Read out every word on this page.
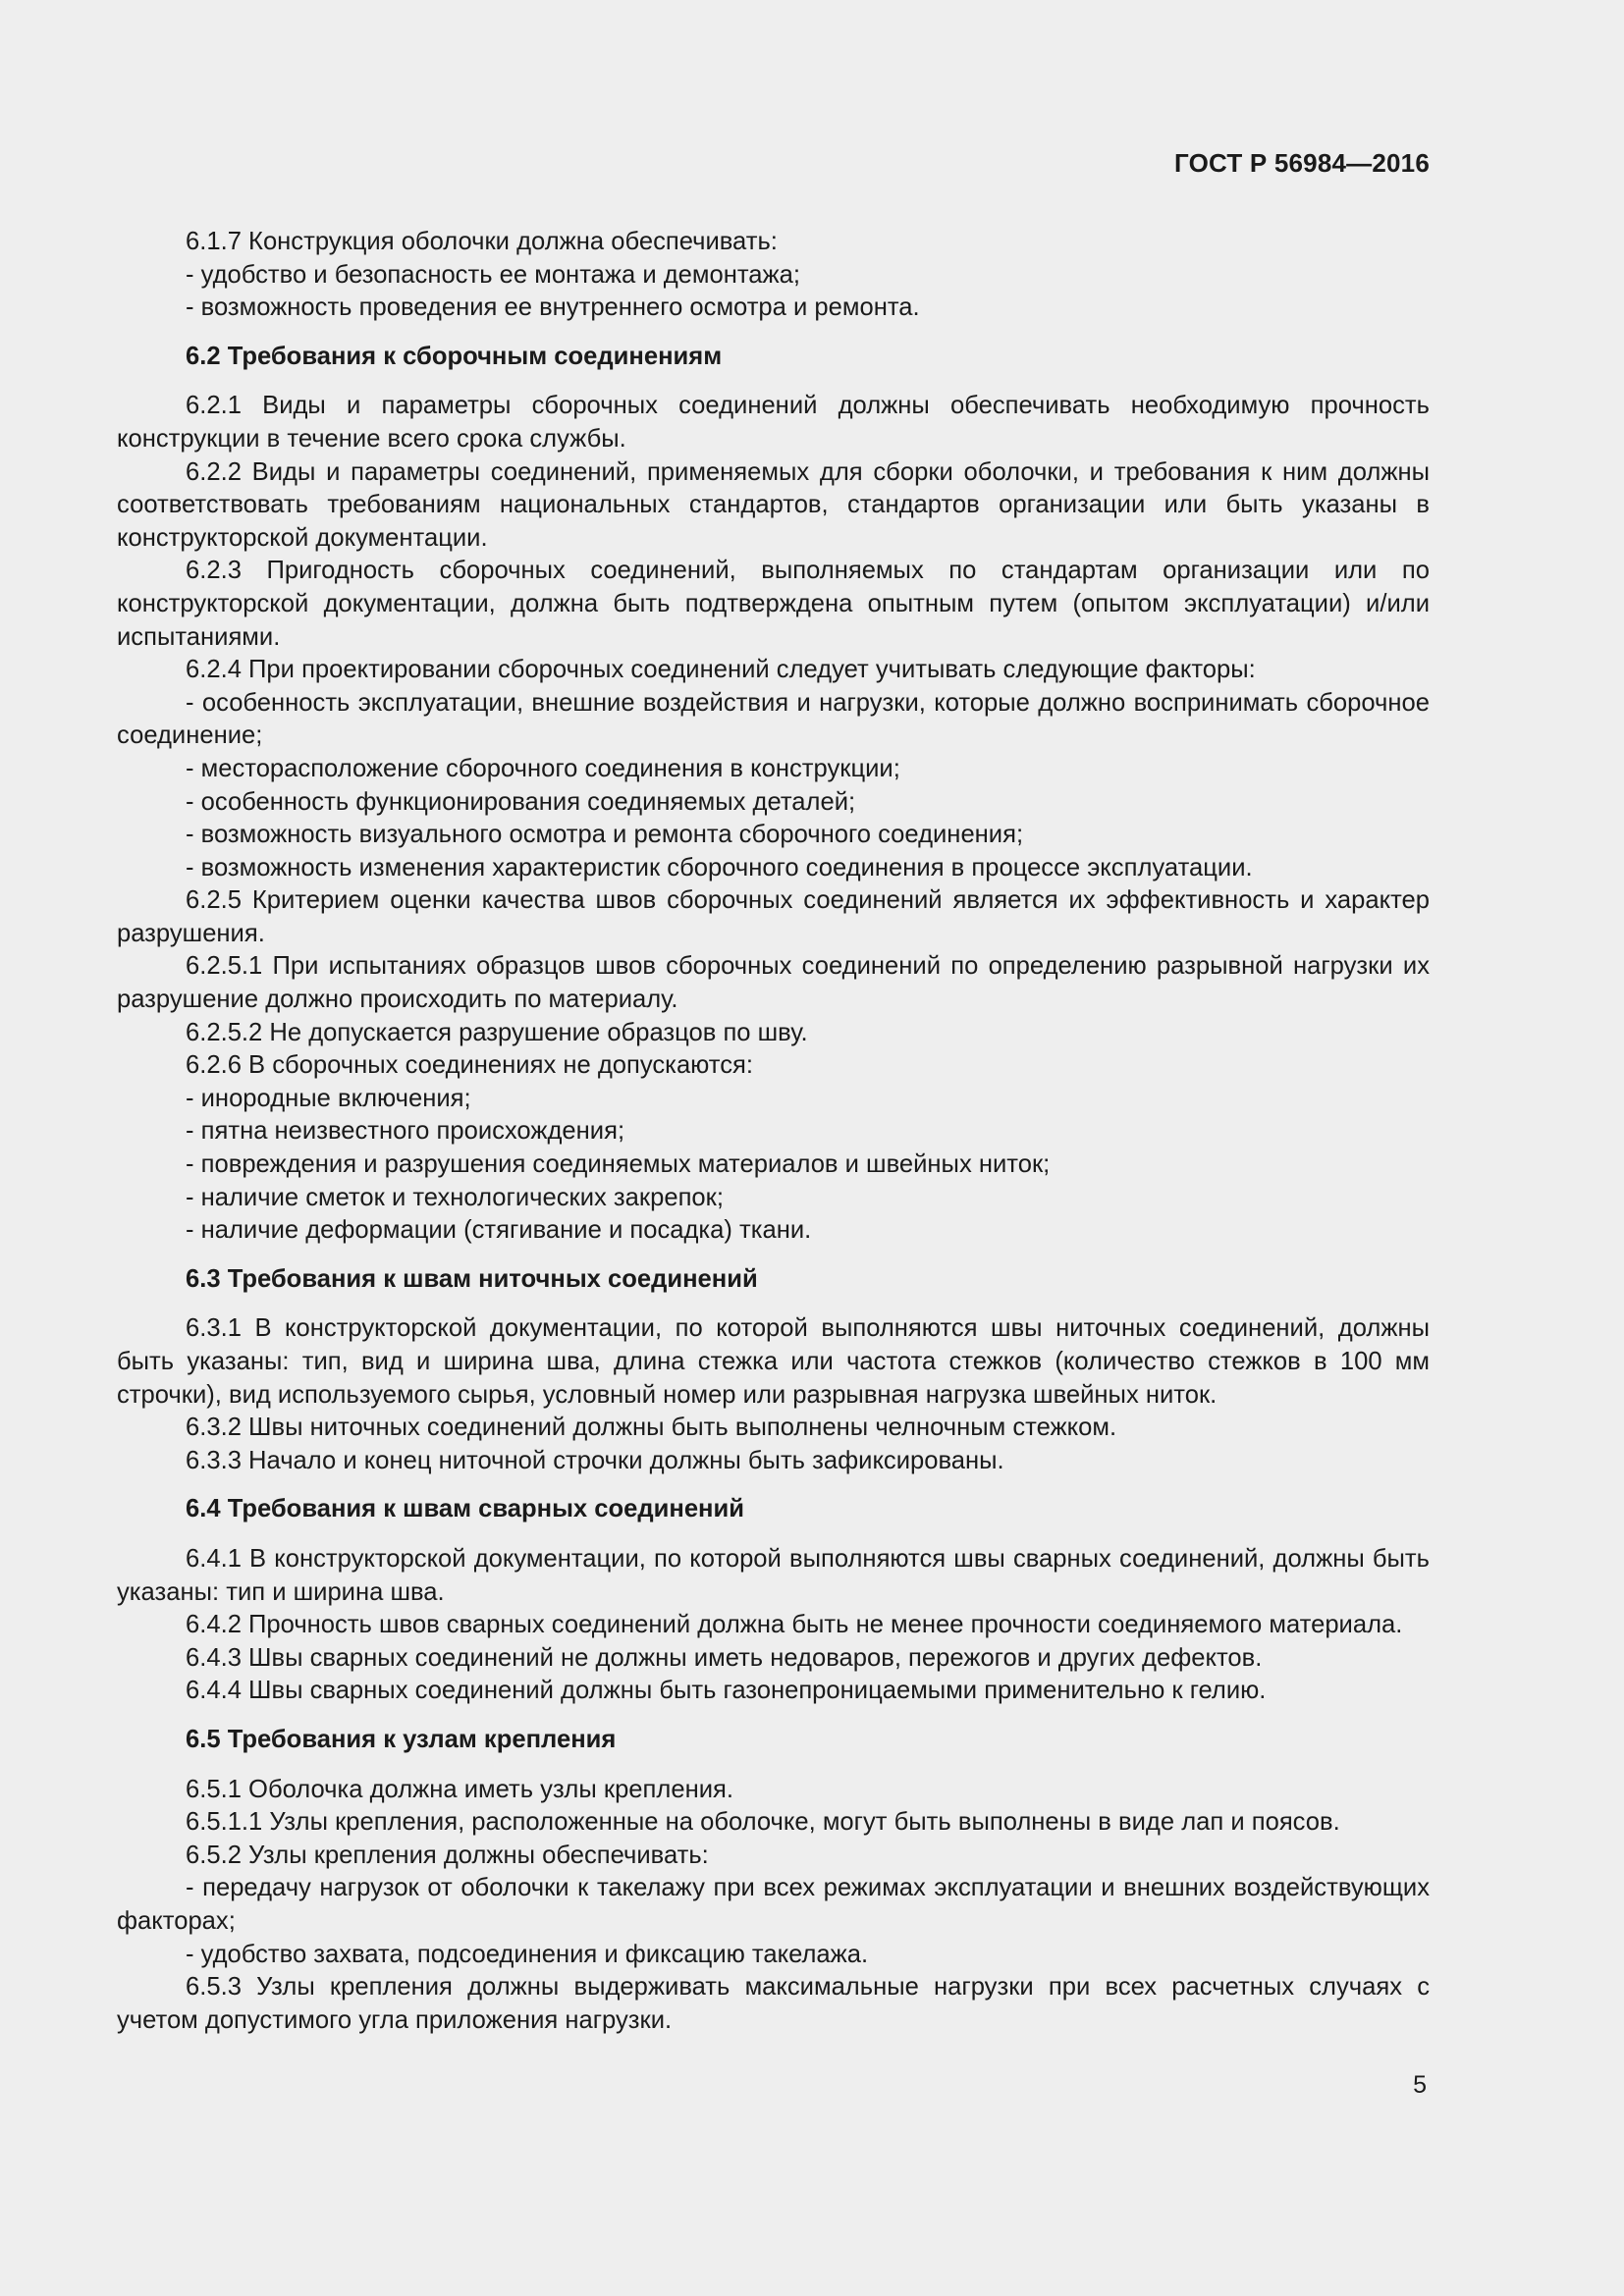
ГОСТ Р 56984—2016
6.1.7 Конструкция оболочки должна обеспечивать:
- удобство и безопасность ее монтажа и демонтажа;
- возможность проведения ее внутреннего осмотра и ремонта.
6.2 Требования к сборочным соединениям
6.2.1 Виды и параметры сборочных соединений должны обеспечивать необходимую прочность конструкции в течение всего срока службы.
6.2.2 Виды и параметры соединений, применяемых для сборки оболочки, и требования к ним должны соответствовать требованиям национальных стандартов, стандартов организации или быть указаны в конструкторской документации.
6.2.3 Пригодность сборочных соединений, выполняемых по стандартам организации или по конструкторской документации, должна быть подтверждена опытным путем (опытом эксплуатации) и/или испытаниями.
6.2.4 При проектировании сборочных соединений следует учитывать следующие факторы:
- особенность эксплуатации, внешние воздействия и нагрузки, которые должно воспринимать сборочное соединение;
- месторасположение сборочного соединения в конструкции;
- особенность функционирования соединяемых деталей;
- возможность визуального осмотра и ремонта сборочного соединения;
- возможность изменения характеристик сборочного соединения в процессе эксплуатации.
6.2.5 Критерием оценки качества швов сборочных соединений является их эффективность и характер разрушения.
6.2.5.1 При испытаниях образцов швов сборочных соединений по определению разрывной нагрузки их разрушение должно происходить по материалу.
6.2.5.2 Не допускается разрушение образцов по шву.
6.2.6 В сборочных соединениях не допускаются:
- инородные включения;
- пятна неизвестного происхождения;
- повреждения и разрушения соединяемых материалов и швейных ниток;
- наличие сметок и технологических закрепок;
- наличие деформации (стягивание и посадка) ткани.
6.3 Требования к швам ниточных соединений
6.3.1 В конструкторской документации, по которой выполняются швы ниточных соединений, должны быть указаны: тип, вид и ширина шва, длина стежка или частота стежков (количество стежков в 100 мм строчки), вид используемого сырья, условный номер или разрывная нагрузка швейных ниток.
6.3.2 Швы ниточных соединений должны быть выполнены челночным стежком.
6.3.3 Начало и конец ниточной строчки должны быть зафиксированы.
6.4 Требования к швам сварных соединений
6.4.1 В конструкторской документации, по которой выполняются швы сварных соединений, должны быть указаны: тип и ширина шва.
6.4.2 Прочность швов сварных соединений должна быть не менее прочности соединяемого материала.
6.4.3 Швы сварных соединений не должны иметь недоваров, пережогов и других дефектов.
6.4.4 Швы сварных соединений должны быть газонепроницаемыми применительно к гелию.
6.5 Требования к узлам крепления
6.5.1 Оболочка должна иметь узлы крепления.
6.5.1.1 Узлы крепления, расположенные на оболочке, могут быть выполнены в виде лап и поясов.
6.5.2 Узлы крепления должны обеспечивать:
- передачу нагрузок от оболочки к такелажу при всех режимах эксплуатации и внешних воздействующих факторах;
- удобство захвата, подсоединения и фиксацию такелажа.
6.5.3 Узлы крепления должны выдерживать максимальные нагрузки при всех расчетных случаях с учетом допустимого угла приложения нагрузки.
5
